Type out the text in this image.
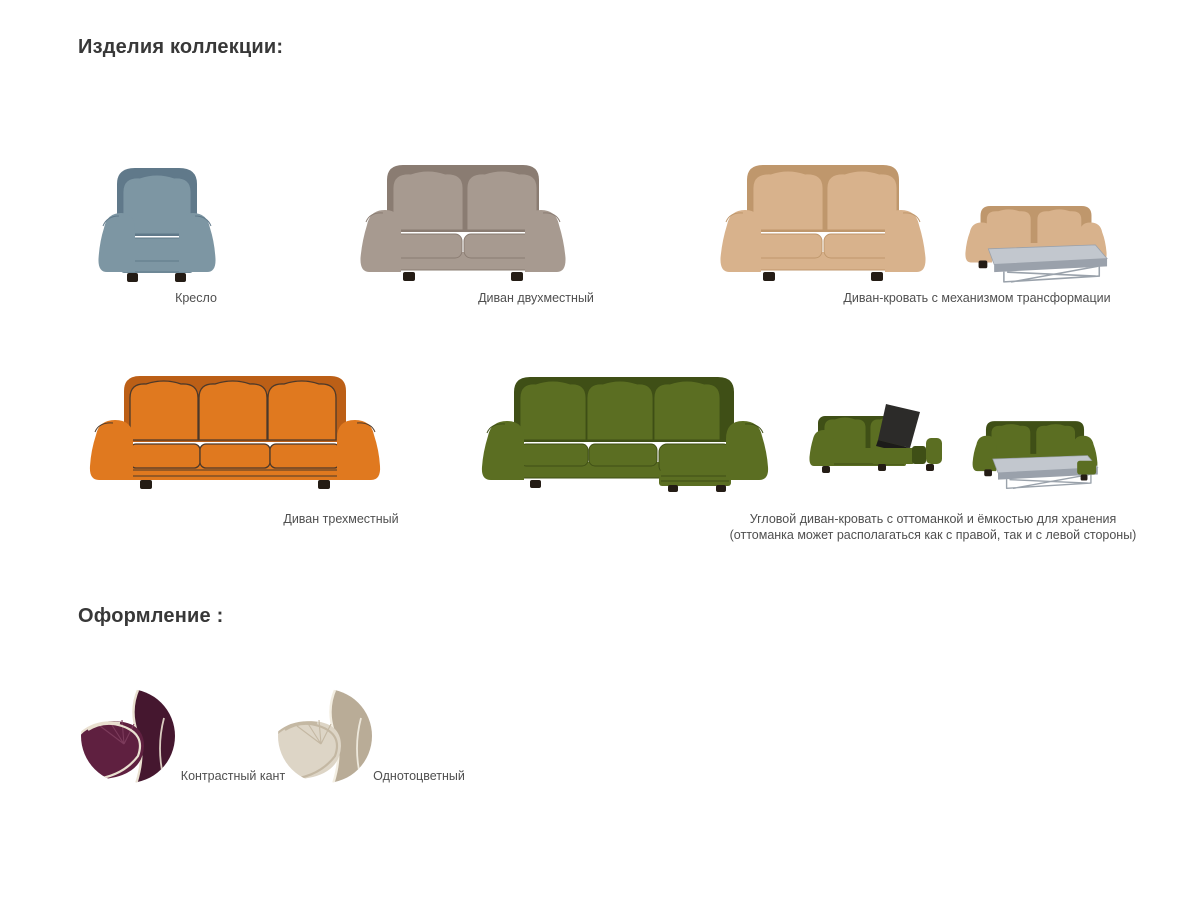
Изделия коллекции:
Кресло	Диван двухместный	Диван-кровать с механизмом трансформации
Диван трехместный	Угловой диван-кровать с оттоманкой и ёмкостью для хранения
(оттоманка может располагаться как с правой, так и с левой стороны)
Оформление :
Контрастный кант	Однотоцветный
